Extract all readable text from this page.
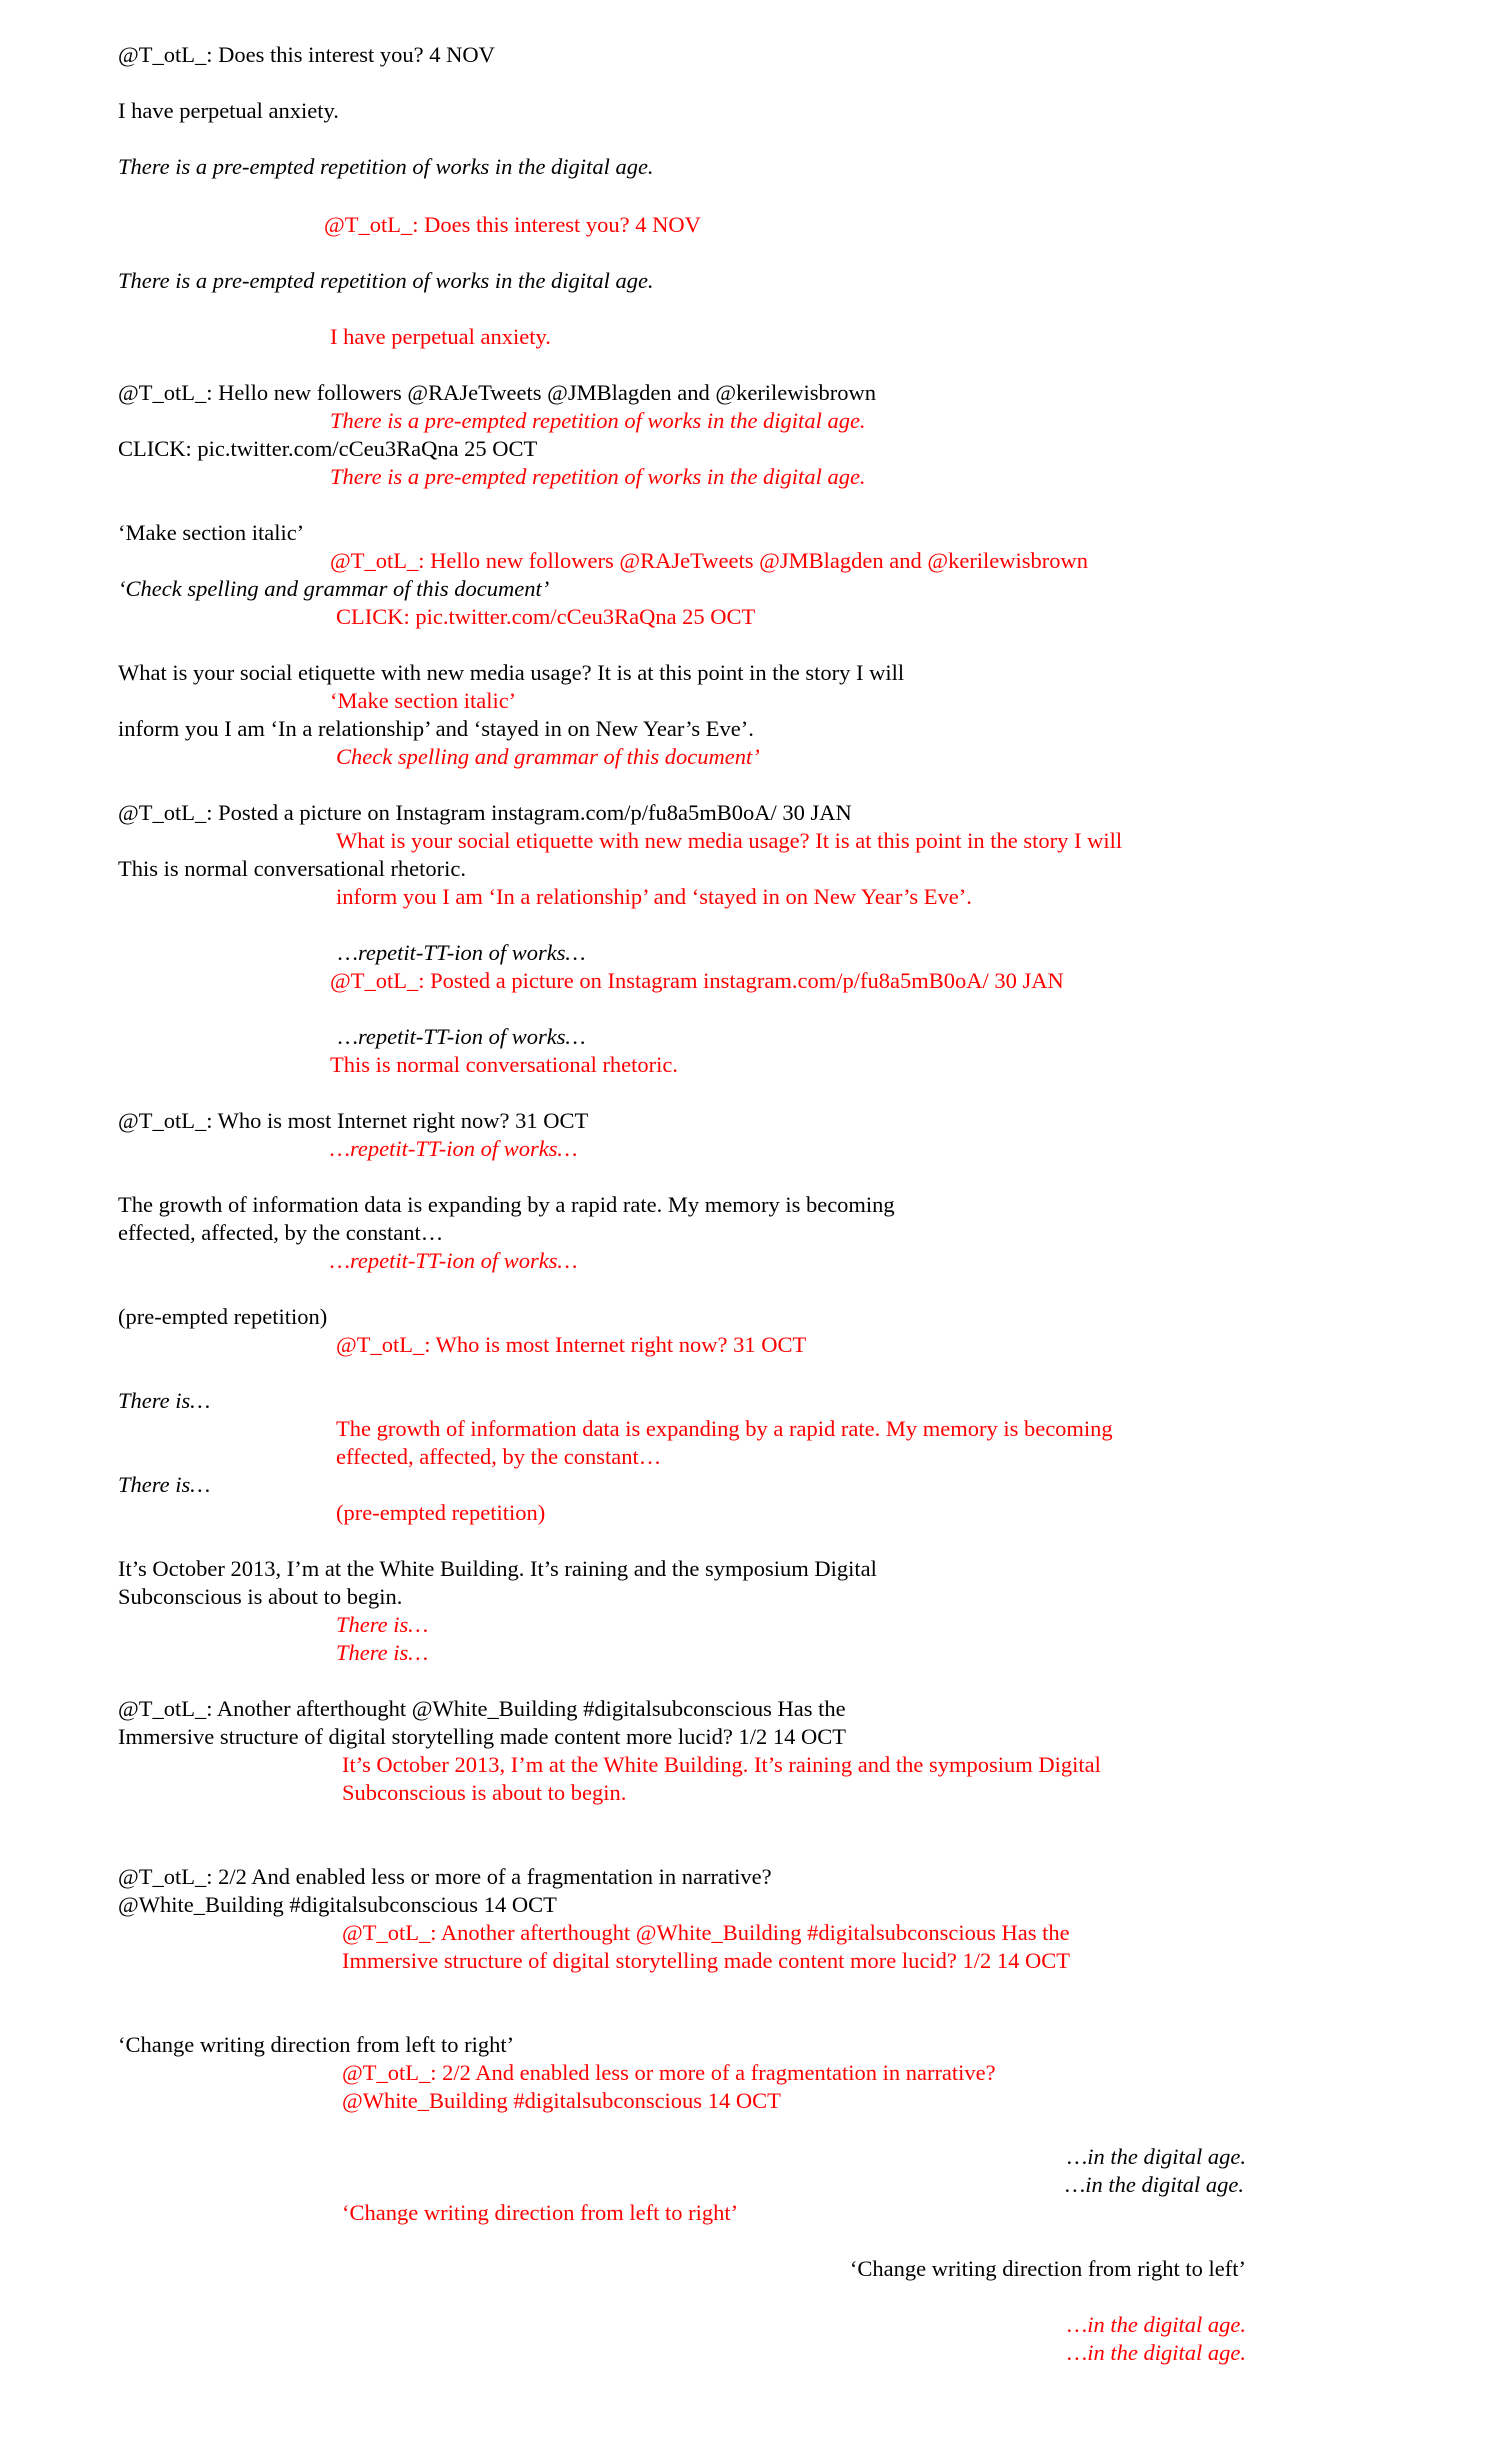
@T_otL_: Does this interest you? 4 NOV
I have perpetual anxiety.
There is a pre-empted repetition of works in the digital age.
@T_otL_: Does this interest you? 4 NOV
There is a pre-empted repetition of works in the digital age.
I have perpetual anxiety.
@T_otL_: Hello new followers @RAJeTweets @JMBlagden and @kerilewisbrown
There is a pre-empted repetition of works in the digital age.
CLICK: pic.twitter.com/cCeu3RaQna 25 OCT
There is a pre-empted repetition of works in the digital age.
‘Make section italic’
@T_otL_: Hello new followers @RAJeTweets @JMBlagden and @kerilewisbrown
‘Check spelling and grammar of this document’
CLICK: pic.twitter.com/cCeu3RaQna 25 OCT
What is your social etiquette with new media usage? It is at this point in the story I will
‘Make section italic’
inform you I am ‘In a relationship’ and ‘stayed in on New Year’s Eve’.
Check spelling and grammar of this document’
@T_otL_: Posted a picture on Instagram instagram.com/p/fu8a5mB0oA/ 30 JAN
What is your social etiquette with new media usage? It is at this point in the story I will
This is normal conversational rhetoric.
inform you I am ‘In a relationship’ and ‘stayed in on New Year’s Eve’.
…repetit-TT-ion of works…
@T_otL_: Posted a picture on Instagram instagram.com/p/fu8a5mB0oA/ 30 JAN
…repetit-TT-ion of works…
This is normal conversational rhetoric.
@T_otL_: Who is most Internet right now? 31 OCT
…repetit-TT-ion of works…
The growth of information data is expanding by a rapid rate. My memory is becoming
effected, affected, by the constant…
…repetit-TT-ion of works…
(pre-empted repetition)
@T_otL_: Who is most Internet right now? 31 OCT
There is…
The growth of information data is expanding by a rapid rate. My memory is becoming
effected, affected, by the constant…
There is…
(pre-empted repetition)
It’s October 2013, I’m at the White Building. It’s raining and the symposium Digital
Subconscious is about to begin.
There is…
There is…
@T_otL_: Another afterthought @White_Building #digitalsubconscious Has the
Immersive structure of digital storytelling made content more lucid? 1/2 14 OCT
It’s October 2013, I’m at the White Building. It’s raining and the symposium Digital
Subconscious is about to begin.
@T_otL_: 2/2 And enabled less or more of a fragmentation in narrative?
@White_Building #digitalsubconscious 14 OCT
@T_otL_: Another afterthought @White_Building #digitalsubconscious Has the
Immersive structure of digital storytelling made content more lucid? 1/2 14 OCT
‘Change writing direction from left to right’
@T_otL_: 2/2 And enabled less or more of a fragmentation in narrative?
@White_Building #digitalsubconscious 14 OCT
…in the digital age.
…in the digital age.
‘Change writing direction from left to right’
‘Change writing direction from right to left’
…in the digital age.
…in the digital age.
